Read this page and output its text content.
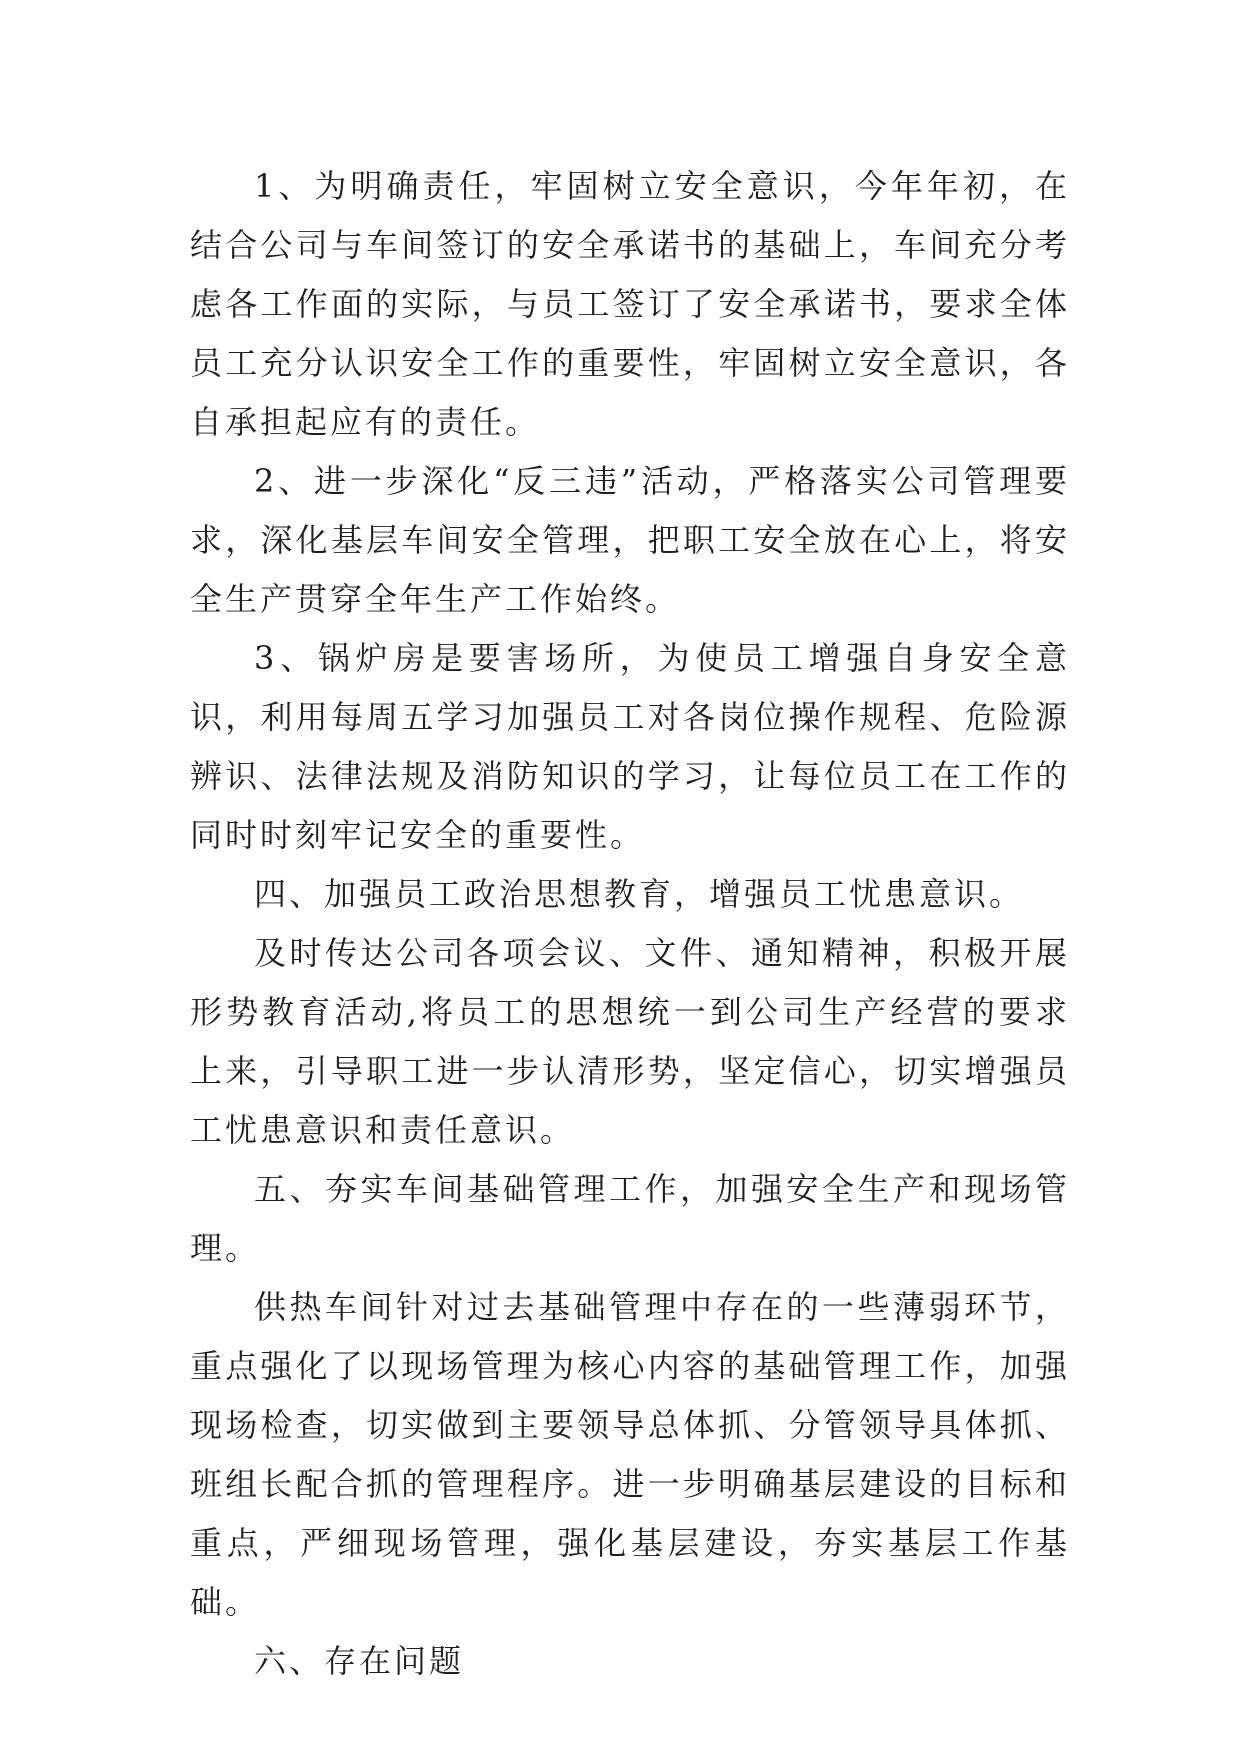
1、为明确责任，牢固树立安全意识，今年年初，在结合公司与车间签订的安全承诺书的基础上，车间充分考虑各工作面的实际，与员工签订了安全承诺书，要求全体员工充分认识安全工作的重要性，牢固树立安全意识，各自承担起应有的责任。

2、进一步深化“反三违”活动，严格落实公司管理要求，深化基层车间安全管理，把职工安全放在心上，将安全生产贯穿全年生产工作始终。

3、锅炉房是要害场所，为使员工增强自身安全意识，利用每周五学习加强员工对各岗位操作规程、危险源辨识、法律法规及消防知识的学习，让每位员工在工作的同时时刻牢记安全的重要性。

四、加强员工政治思想教育，增强员工忧患意识。

及时传达公司各项会议、文件、通知精神，积极开展形势教育活动,将员工的思想统一到公司生产经营的要求上来，引导职工进一步认清形势，坚定信心，切实增强员工忧患意识和责任意识。

五、夯实车间基础管理工作，加强安全生产和现场管理。

供热车间针对过去基础管理中存在的一些薄弱环节，重点强化了以现场管理为核心内容的基础管理工作，加强现场检查，切实做到主要领导总体抓、分管领导具体抓、班组长配合抓的管理程序。进一步明确基层建设的目标和重点，严细现场管理，强化基层建设，夯实基层工作基础。

六、存在问题
